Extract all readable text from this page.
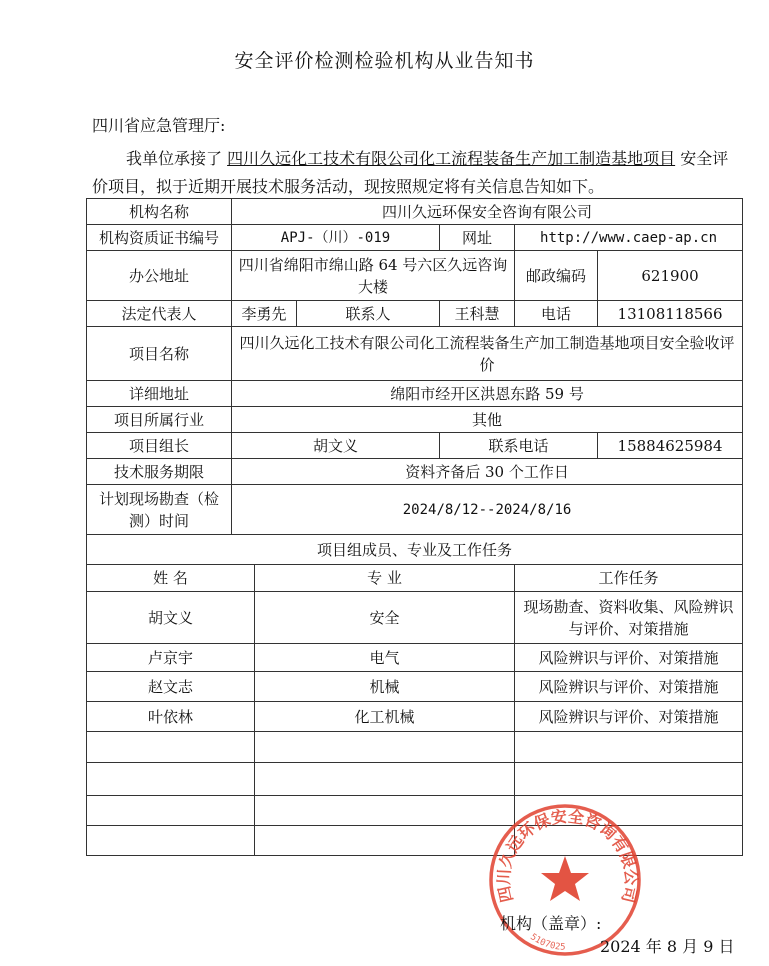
安全评价检测检验机构从业告知书
四川省应急管理厅:
我单位承接了 四川久远化工技术有限公司化工流程装备生产加工制造基地项目 安全评价项目，拟于近期开展技术服务活动，现按照规定将有关信息告知如下。
机构名称	四川久远环保安全咨询有限公司					
机构资质证书编号	APJ-（川）-019			网址	http://www.caep-ap.cn	
办公地址	四川省绵阳市绵山路 64 号六区久远咨询大楼				邮政编码	621900
法定代表人	李勇先		联系人	王科慧	电话	13108118566
项目名称	四川久远化工技术有限公司化工流程装备生产加工制造基地项目安全验收评价					
详细地址	绵阳市经开区洪恩东路 59 号					
项目所属行业	其他					
项目组长	胡文义			联系电话		15884625984
技术服务期限	资料齐备后 30 个工作日					
计划现场勘查（检测）时间	2024/8/12--2024/8/16					
项目组成员、专业及工作任务						
姓 名		专 业			工作任务	
胡文义		安全			现场勘查、资料收集、风险辨识与评价、对策措施	
卢京宇		电气			风险辨识与评价、对策措施	
赵文志		机械			风险辨识与评价、对策措施	
叶依林		化工机械			风险辨识与评价、对策措施	

四川久远环保安全咨询有限公司
5107025
机构（盖章）:
2024 年 8 月 9 日
